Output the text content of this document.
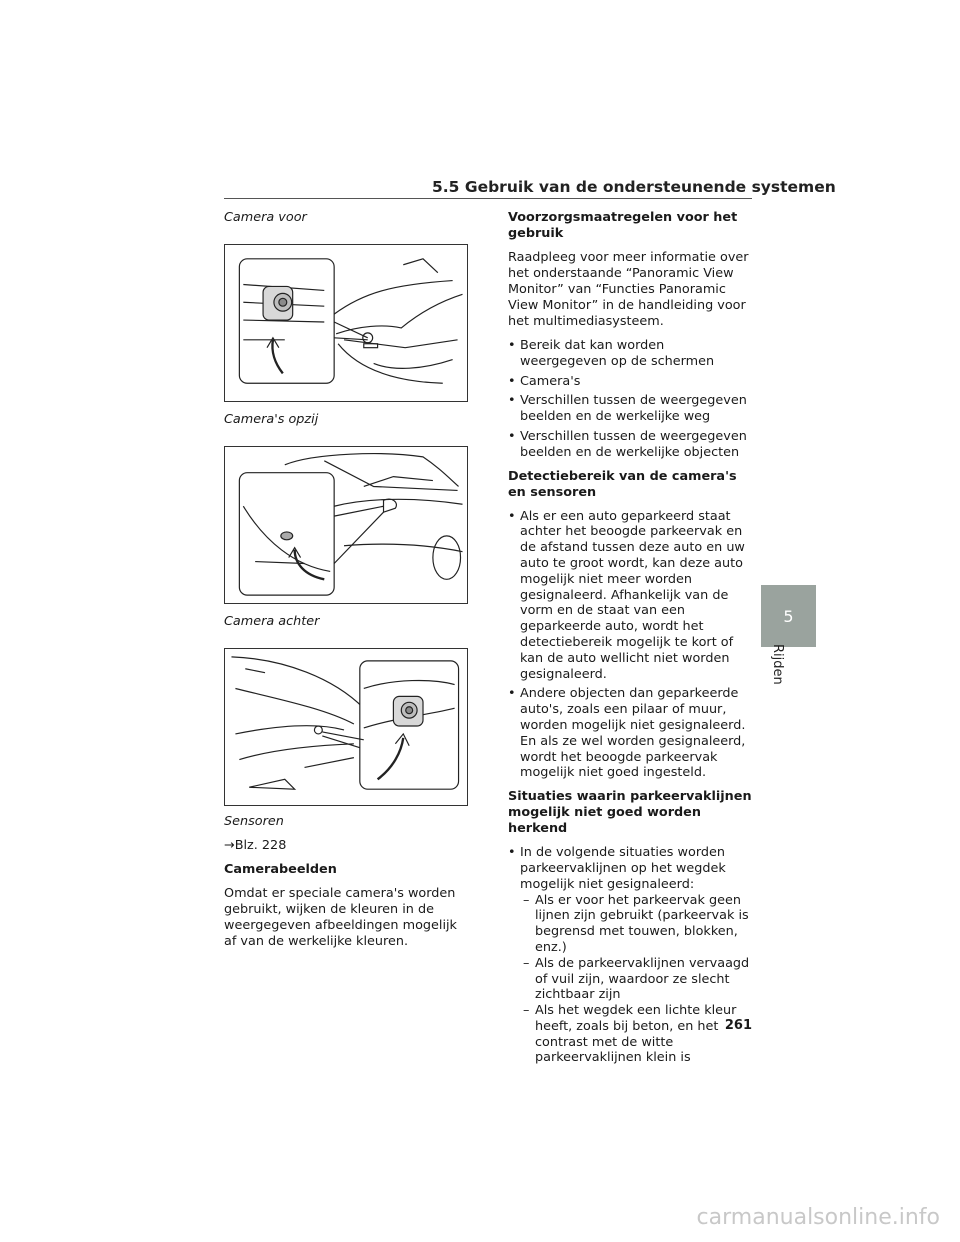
5.5 Gebruik van de ondersteunende systemen

Camera voor

Camera's opzij

Camera achter

Sensoren

→Blz. 228

Camerabeelden

Omdat er speciale camera's worden gebruikt, wijken de kleuren in de weergegeven afbeeldingen mogelijk af van de werkelijke kleuren.

Voorzorgsmaatregelen voor het gebruik

Raadpleeg voor meer informatie over het onderstaande “Panoramic View Monitor” van “Functies Panoramic View Monitor” in de handleiding voor het multimediasysteem.

• Bereik dat kan worden weergegeven op de schermen

• Camera's

• Verschillen tussen de weergegeven beelden en de werkelijke weg

• Verschillen tussen de weergegeven beelden en de werkelijke objecten

Detectiebereik van de camera's en sensoren

• Als er een auto geparkeerd staat achter het beoogde parkeervak en de afstand tussen deze auto en uw auto te groot wordt, kan deze auto mogelijk niet meer worden gesignaleerd. Afhankelijk van de vorm en de staat van een geparkeerde auto, wordt het detectiebereik mogelijk te kort of kan de auto wellicht niet worden gesignaleerd.

• Andere objecten dan geparkeerde auto's, zoals een pilaar of muur, worden mogelijk niet gesignaleerd. En als ze wel worden gesignaleerd, wordt het beoogde parkeervak mogelijk niet goed ingesteld.

Situaties waarin parkeervaklijnen mogelijk niet goed worden herkend

• In de volgende situaties worden parkeervaklijnen op het wegdek mogelijk niet gesignaleerd:

– Als er voor het parkeervak geen lijnen zijn gebruikt (parkeervak is begrensd met touwen, blokken, enz.)

– Als de parkeervaklijnen vervaagd of vuil zijn, waardoor ze slecht zichtbaar zijn

– Als het wegdek een lichte kleur heeft, zoals bij beton, en het contrast met de witte parkeervaklijnen klein is

5
Rijden
261
carmanualsonline.info
